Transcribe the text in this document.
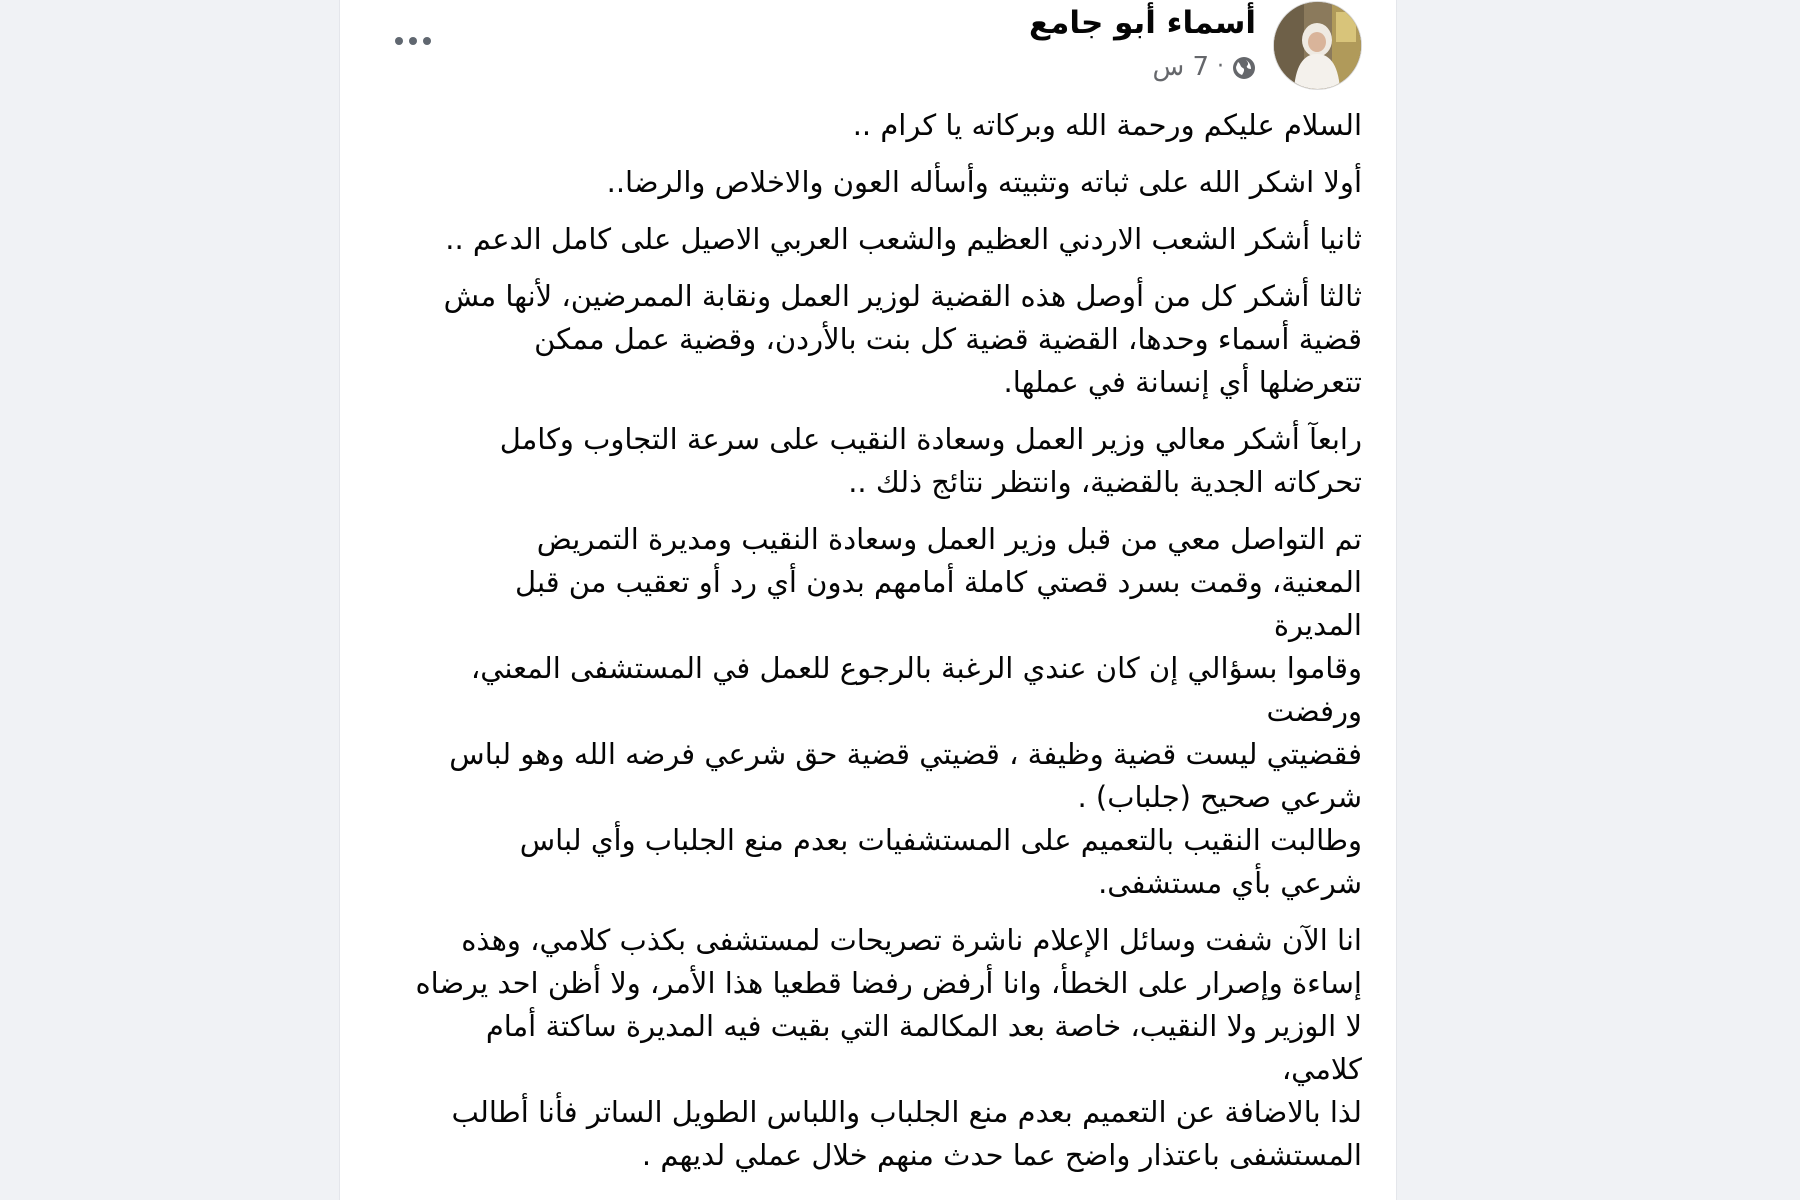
أسماء أبو جامع
7 س ·

السلام عليكم ورحمة الله وبركاته يا كرام ..

أولا اشكر الله على ثباته وتثبيته وأسأله العون والاخلاص والرضا..

ثانيا أشكر الشعب الاردني العظيم والشعب العربي الاصيل على كامل الدعم ..

ثالثا أشكر كل من أوصل هذه القضية لوزير العمل ونقابة الممرضين، لأنها مش
قضية أسماء وحدها، القضية قضية كل بنت بالأردن، وقضية عمل ممكن
تتعرضلها أي إنسانة في عملها.

رابعآ أشكر معالي وزير العمل وسعادة النقيب على سرعة التجاوب وكامل
تحركاته الجدية بالقضية، وانتظر نتائج ذلك ..

تم التواصل معي من قبل وزير العمل وسعادة النقيب ومديرة التمريض
المعنية، وقمت بسرد قصتي كاملة أمامهم بدون أي رد أو تعقيب من قبل
المديرة
وقاموا بسؤالي إن كان عندي الرغبة بالرجوع للعمل في المستشفى المعني،
ورفضت
فقضيتي ليست قضية وظيفة ، قضيتي قضية حق شرعي فرضه الله وهو لباس
شرعي صحيح (جلباب) .
وطالبت النقيب بالتعميم على المستشفيات بعدم منع الجلباب وأي لباس
شرعي بأي مستشفى.

انا الآن شفت وسائل الإعلام ناشرة تصريحات لمستشفى بكذب كلامي، وهذه
إساءة وإصرار على الخطأ، وانا أرفض رفضا قطعيا هذا الأمر، ولا أظن احد يرضاه
لا الوزير ولا النقيب، خاصة بعد المكالمة التي بقيت فيه المديرة ساكتة أمام
كلامي،
لذا بالاضافة عن التعميم بعدم منع الجلباب واللباس الطويل الساتر فأنا أطالب
المستشفى باعتذار واضح عما حدث منهم خلال عملي لديهم .
